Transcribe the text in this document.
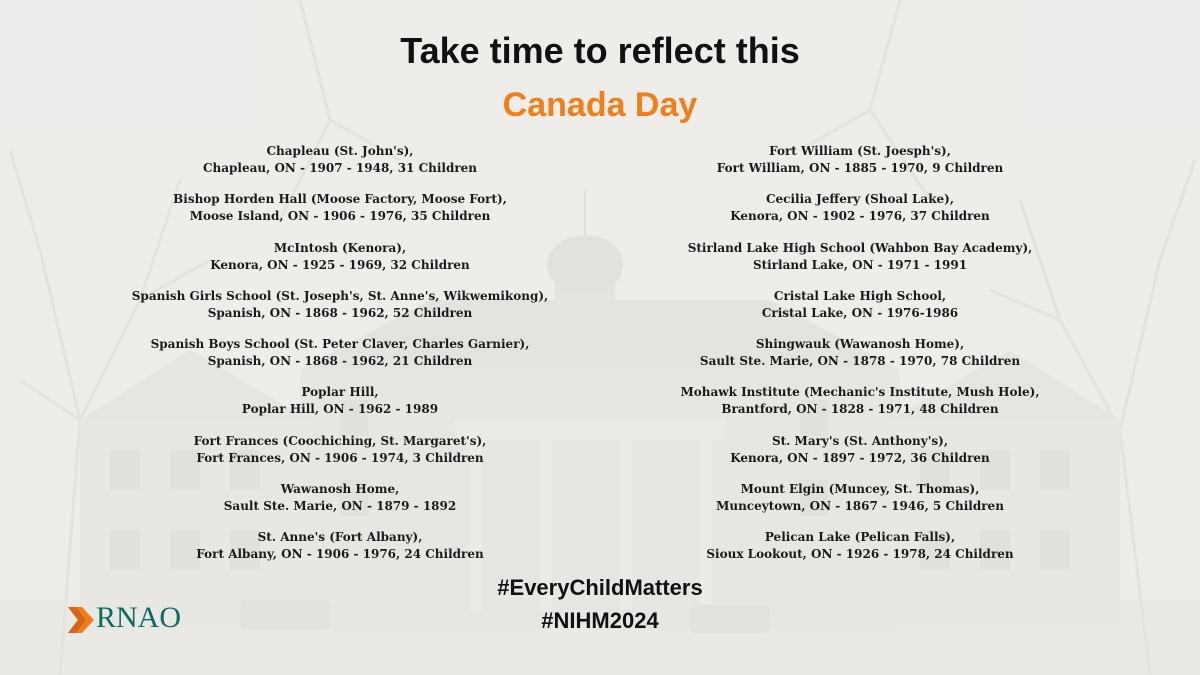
Take time to reflect this
Canada Day
Chapleau (St. John's),
Chapleau, ON - 1907 - 1948, 31 Children
Bishop Horden Hall (Moose Factory, Moose Fort),
Moose Island, ON - 1906 - 1976, 35 Children
McIntosh (Kenora),
Kenora, ON - 1925 - 1969, 32 Children
Spanish Girls School (St. Joseph's, St. Anne's, Wikwemikong),
Spanish, ON - 1868 - 1962, 52 Children
Spanish Boys School (St. Peter Claver, Charles Garnier),
Spanish, ON - 1868 - 1962, 21 Children
Poplar Hill,
Poplar Hill, ON - 1962 - 1989
Fort Frances (Coochiching, St. Margaret's),
Fort Frances, ON - 1906 - 1974, 3 Children
Wawanosh Home,
Sault Ste. Marie, ON - 1879 - 1892
St. Anne's (Fort Albany),
Fort Albany, ON - 1906 - 1976, 24 Children
Fort William (St. Joesph's),
Fort William, ON - 1885 - 1970, 9 Children
Cecilia Jeffery (Shoal Lake),
Kenora, ON - 1902 - 1976, 37 Children
Stirland Lake High School (Wahbon Bay Academy),
Stirland Lake, ON - 1971 - 1991
Cristal Lake High School,
Cristal Lake, ON - 1976-1986
Shingwauk (Wawanosh Home),
Sault Ste. Marie, ON - 1878 - 1970, 78 Children
Mohawk Institute (Mechanic's Institute, Mush Hole),
Brantford, ON - 1828 - 1971, 48 Children
St. Mary's (St. Anthony's),
Kenora, ON - 1897 - 1972, 36 Children
Mount Elgin (Muncey, St. Thomas),
Munceytown, ON - 1867 - 1946, 5 Children
Pelican Lake (Pelican Falls),
Sioux Lookout, ON - 1926 - 1978, 24 Children
#EveryChildMatters
#NIHM2024
RNAO
